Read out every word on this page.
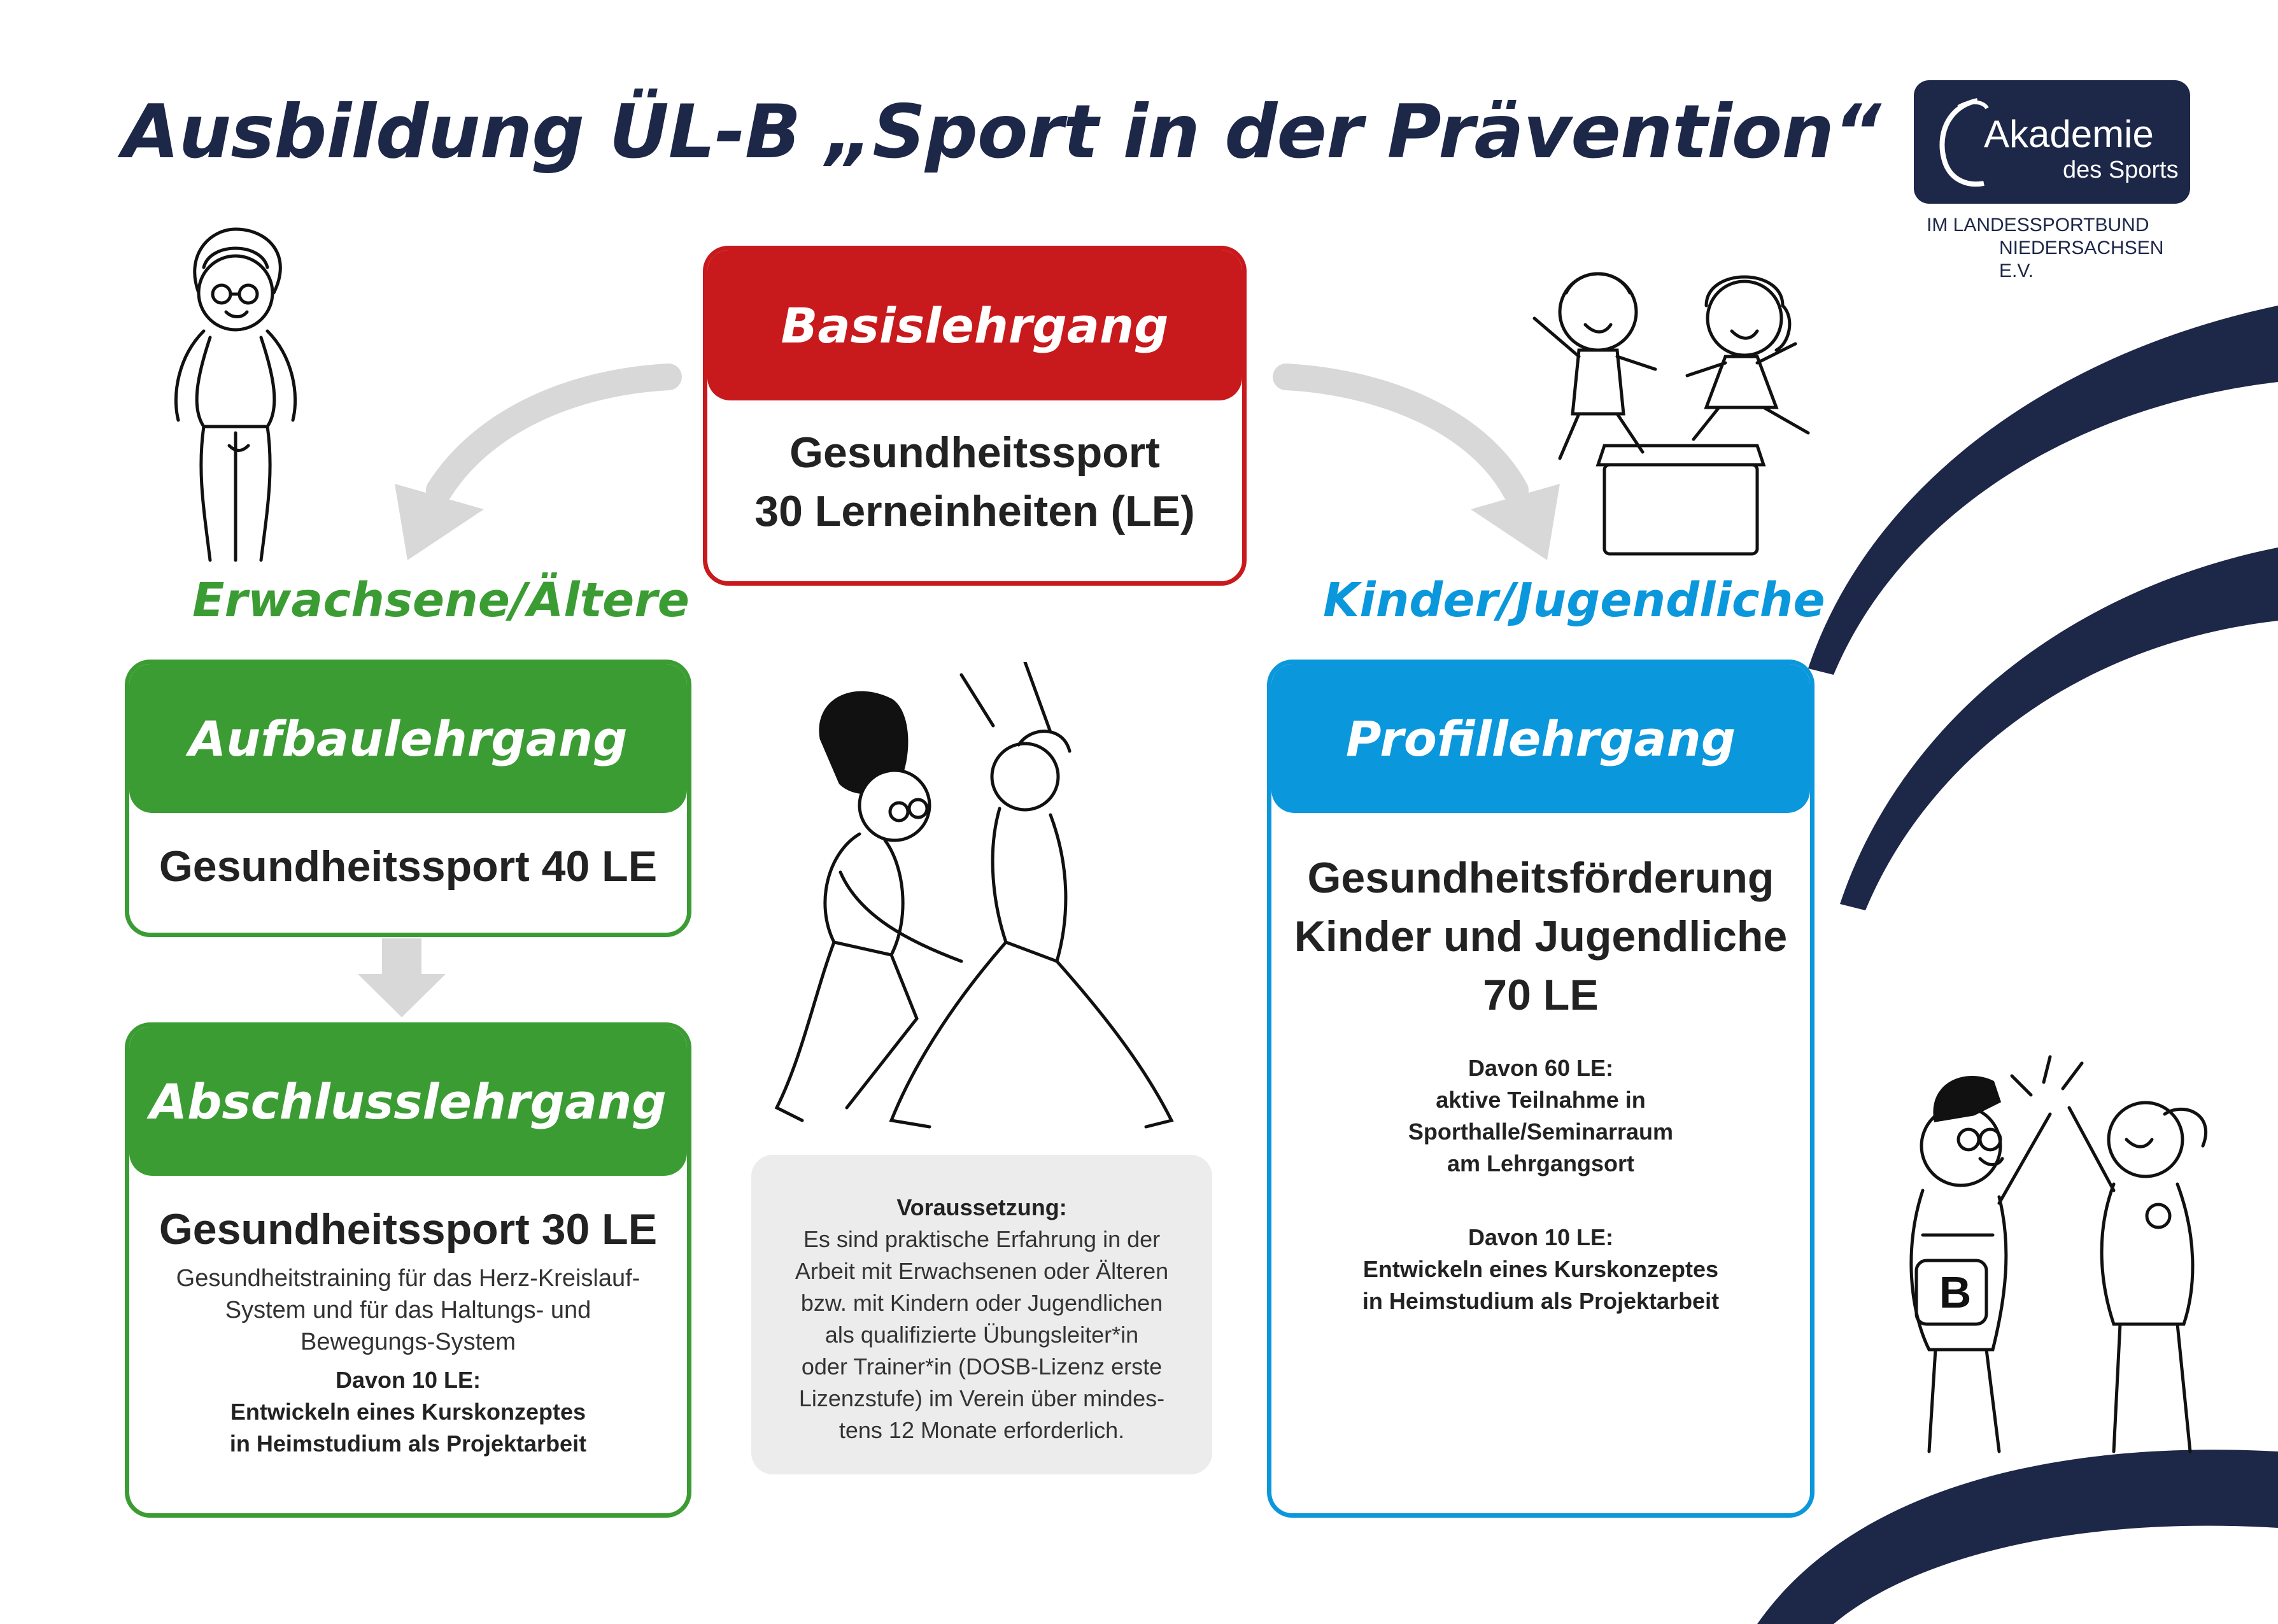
Ausbildung ÜL-B „Sport in der Prävention“	Akademie
des Sports
IM LANDESSPORTBUND
NIEDERSACHSEN E.V.
Basislehrgang
Gesundheitssport
30 Lerneinheiten (LE)
Erwachsene/Ältere	Kinder/Jugendliche
Aufbaulehrgang
Gesundheitssport 40 LE
Abschlusslehrgang
Gesundheitssport 30 LE
Gesundheitstraining für das Herz-Kreislauf-
System und für das Haltungs- und
Bewegungs-System
Davon 10 LE:
Entwickeln eines Kurskonzeptes
in Heimstudium als Projektarbeit
Profillehrgang
Gesundheitsförderung
Kinder und Jugendliche
70 LE
Davon 60 LE:
aktive Teilnahme in
Sporthalle/Seminarraum
am Lehrgangsort
Davon 10 LE:
Entwickeln eines Kurskonzeptes
in Heimstudium als Projektarbeit
Voraussetzung:
Es sind praktische Erfahrung in der
Arbeit mit Erwachsenen oder Älteren
bzw. mit Kindern oder Jugendlichen
als qualifizierte Übungsleiter*in
oder Trainer*in (DOSB-Lizenz erste
Lizenzstufe) im Verein über mindes-
tens 12 Monate erforderlich.
B
